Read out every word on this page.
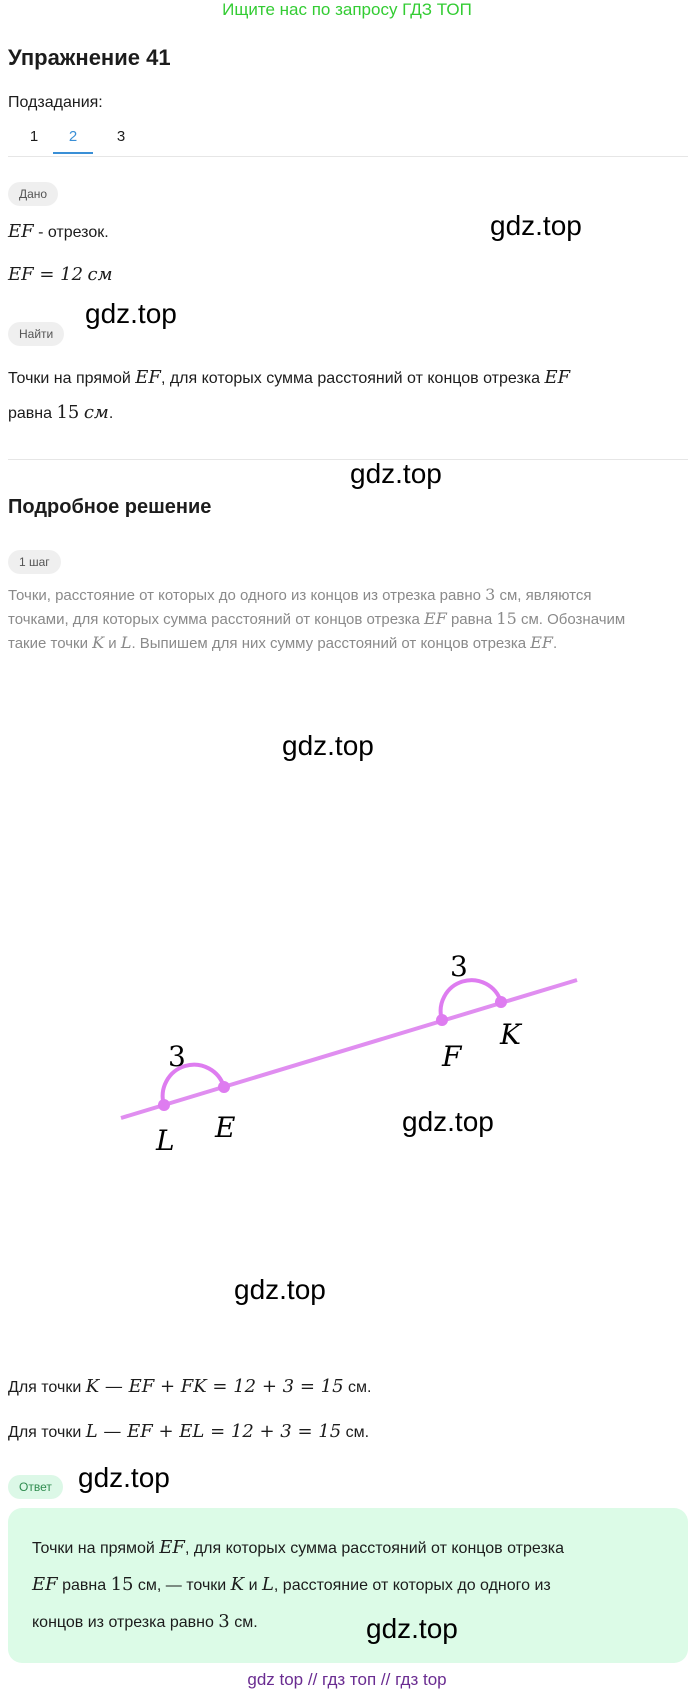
Ищите нас по запросу ГДЗ ТОП
Упражнение 41
Подзадания:
1	2	3
Дано
EF - отрезок.
EF = 12 см
Найти
Точки на прямой EF, для которых сумма расстояний от концов отрезка EF
равна 15 см.
Подробное решение
1 шаг
Точки, расстояние от которых до одного из концов из отрезка равно 3 см, являются
точками, для которых сумма расстояний от концов отрезка EF равна 15 см. Обозначим
такие точки K и L. Выпишем для них сумму расстояний от концов отрезка EF.
3
3
L E
F
K
Для точки K — EF + FK = 12 + 3 = 15 см.
Для точки L — EF + EL = 12 + 3 = 15 см.
Ответ
Точки на прямой EF, для которых сумма расстояний от концов отрезка
EF равна 15 см, — точки K и L, расстояние от которых до одного из
концов из отрезка равно 3 см.
gdz.top
gdz.top
gdz.top
gdz.top
gdz.top
gdz.top
gdz.top
gdz.top
gdz top // гдз топ // гдз top
